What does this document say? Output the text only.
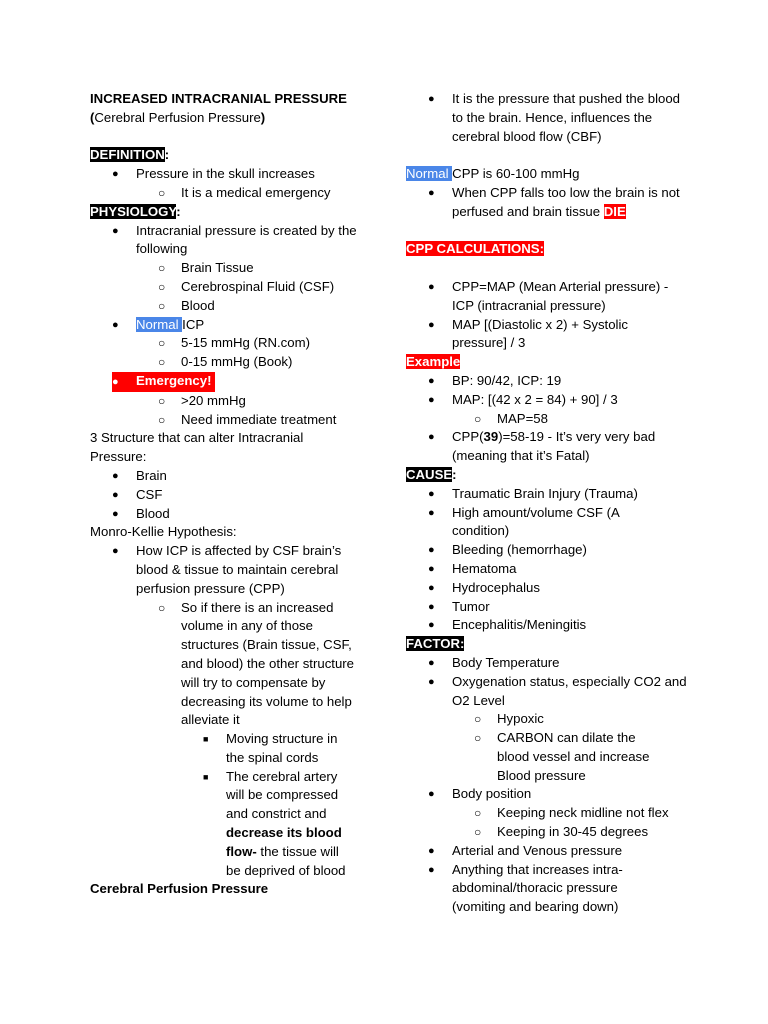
INCREASED INTRACRANIAL PRESSURE
(Cerebral Perfusion Pressure)
DEFINITION:
● Pressure in the skull increases
○ It is a medical emergency
PHYSIOLOGY:
● Intracranial pressure is created by the following
○ Brain Tissue
○ Cerebrospinal Fluid (CSF)
○ Blood
● Normal ICP
○ 5-15 mmHg (RN.com)
○ 0-15 mmHg (Book)
● Emergency!
○ >20 mmHg
○ Need immediate treatment
3 Structure that can alter Intracranial Pressure:
● Brain
● CSF
● Blood
Monro-Kellie Hypothesis:
● How ICP is affected by CSF brain’s blood & tissue to maintain cerebral perfusion pressure (CPP)
○ So if there is an increased volume in any of those structures (Brain tissue, CSF, and blood) the other structure will try to compensate by decreasing its volume to help alleviate it
■ Moving structure in the spinal cords
■ The cerebral artery will be compressed and constrict and decrease its blood flow- the tissue will be deprived of blood
Cerebral Perfusion Pressure
● It is the pressure that pushed the blood to the brain. Hence, influences the cerebral blood flow (CBF)
Normal CPP is 60-100 mmHg
● When CPP falls too low the brain is not perfused and brain tissue DIE
CPP CALCULATIONS:
● CPP=MAP (Mean Arterial pressure) - ICP (intracranial pressure)
● MAP [(Diastolic x 2) + Systolic pressure] / 3
Example
● BP: 90/42, ICP: 19
● MAP: [(42 x 2 = 84) + 90] / 3
○ MAP=58
● CPP(39)=58-19 - It’s very very bad (meaning that it’s Fatal)
CAUSE:
● Traumatic Brain Injury (Trauma)
● High amount/volume CSF (A condition)
● Bleeding (hemorrhage)
● Hematoma
● Hydrocephalus
● Tumor
● Encephalitis/Meningitis
FACTOR:
● Body Temperature
● Oxygenation status, especially CO2 and O2 Level
○ Hypoxic
○ CARBON can dilate the blood vessel and increase Blood pressure
● Body position
○ Keeping neck midline not flex
○ Keeping in 30-45 degrees
● Arterial and Venous pressure
● Anything that increases intra-abdominal/thoracic pressure (vomiting and bearing down)
